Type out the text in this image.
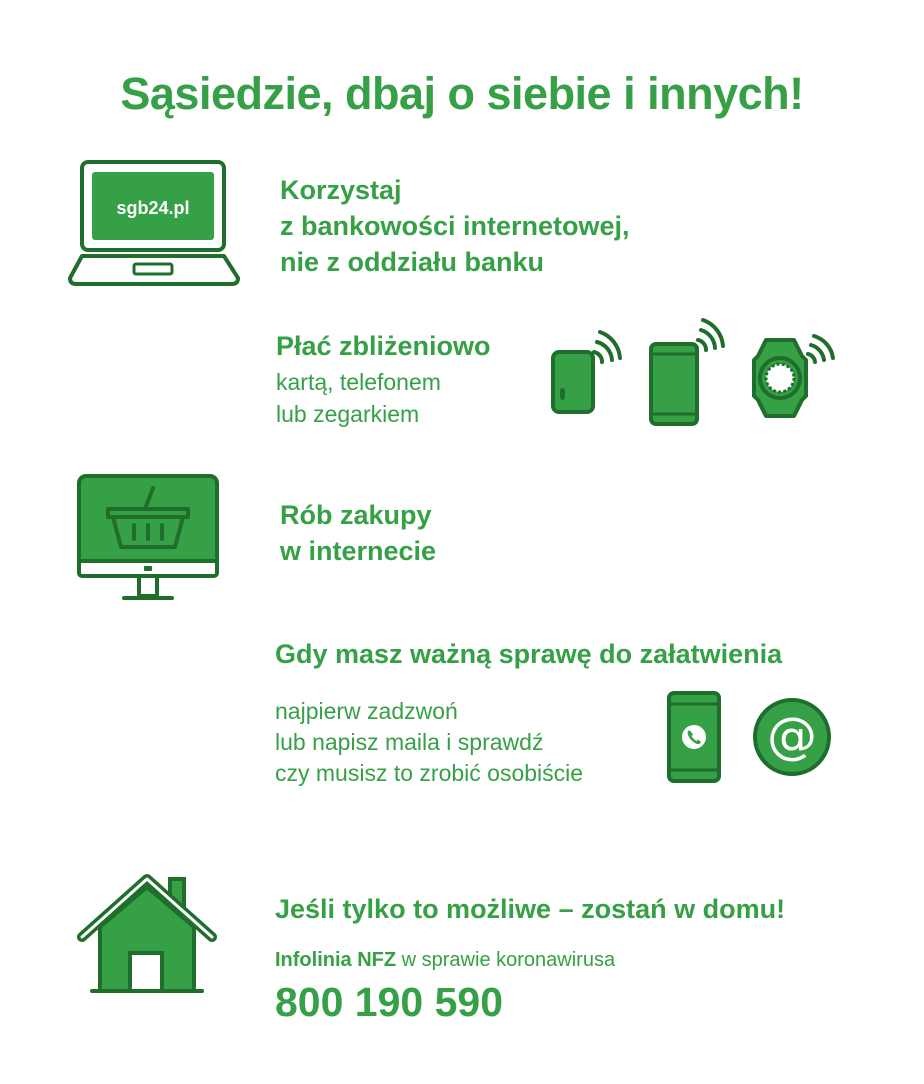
Sąsiedzie, dbaj o siebie i innych!
sgb24.pl
Korzystaj
z bankowości internetowej,
nie z oddziału banku
Płać zbliżeniowo
kartą, telefonem
lub zegarkiem
Rób zakupy
w internecie
Gdy masz ważną sprawę do załatwienia
najpierw zadzwoń
lub napisz maila i sprawdź
czy musisz to zrobić osobiście
@
Jeśli tylko to możliwe – zostań w domu!
Infolinia NFZ w sprawie koronawirusa
800 190 590
